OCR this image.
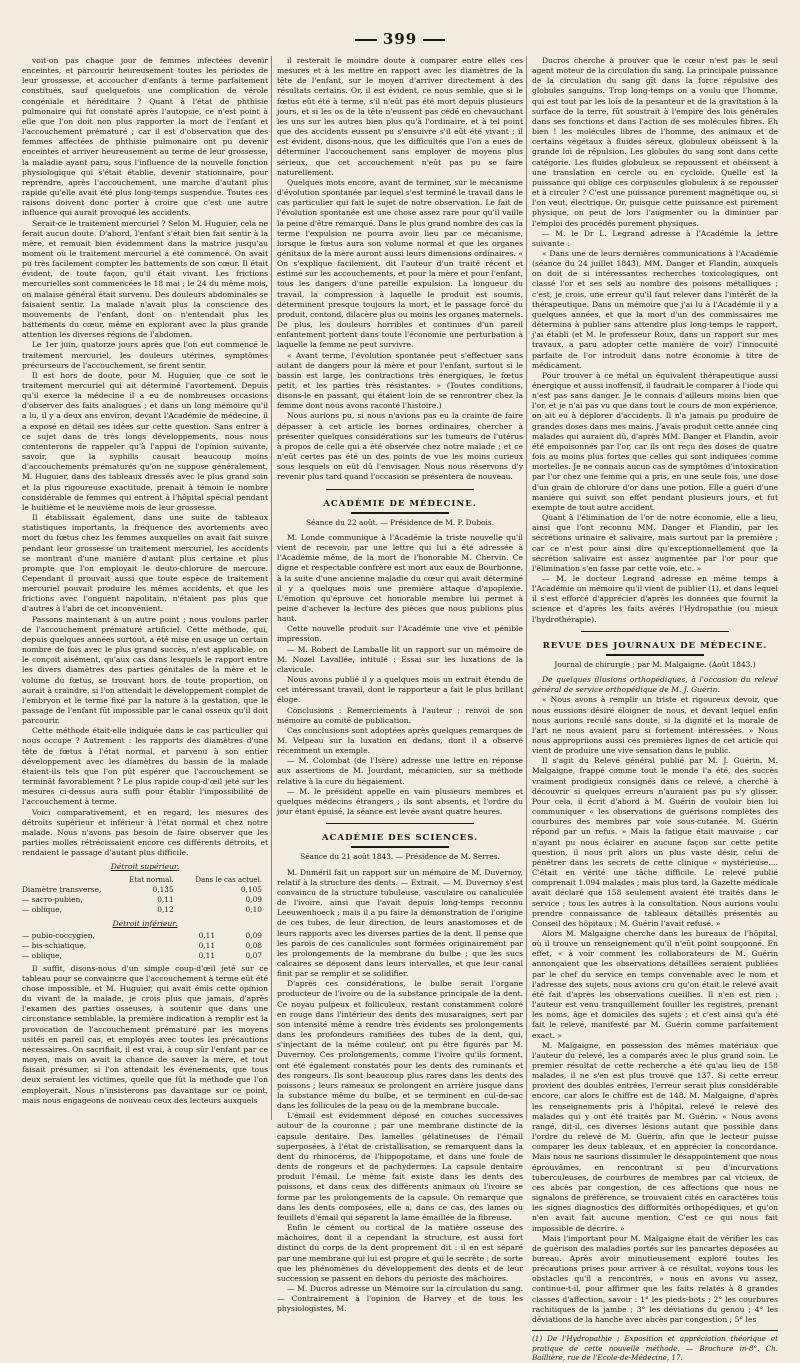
399

voit-on pas chaque jour de femmes infectées devenir enceintes, et parcourir heureusement toutes les périodes de leur grossesse, et accoucher d'enfants à terme parfaitement constitués, sauf quelquefois une complication de vérole congéniale et héréditaire ? Quant à l'état de phthisie pulmonaire qui fut constaté après l'autopsie, ce n'est point à elle que l'on doit non plus rapporter la mort de l'enfant et l'accouchement prématuré ; car il est d'observation que des femmes affectées de phthisie pulmonaire ont pu devenir enceintes et arriver heureusement au terme de leur grossesse, la maladie ayant paru, sous l'influence de la nouvelle fonction physiologique qui s'était établie, devenir stationnaire, pour reprendre, après l'accouchement, une marche d'autant plus rapide qu'elle avait été plus long-temps suspendue. Toutes ces raisons doivent donc porter à croire que c'est une autre influence qui aurait provoqué les accidents.

Serait-ce le traitement mercuriel ? Selon M. Huguier, cela ne ferait aucun doute. D'abord, l'enfant s'était bien fait sentir à la mère, et remuait bien évidemment dans la matrice jusqu'au moment où le traitement mercuriel a été commencé. On avait pu très facilement compter les battements de son cœur. Il était évident, de toute façon, qu'il était vivant. Les frictions mercurielles sont commencées le 18 mai ; le 24 du même mois, on malaise général était survenu. Des douleurs abdominales se faisaient sentir. La malade n'avait plus la conscience des mouvements de l'enfant, dont on n'entendait plus les battements du cœur, même en explorant avec la plus grande attention les diverses régions de l'abdomen.

Le 1er juin, quatorze jours après que l'on eut commencé le traitement mercuriel, les douleurs utérines, symptômes précurseurs de l'accouchement, se firent sentir.

Il est hors de doute, pour M. Huguier, que ce soit le traitement mercuriel qui ait déterminé l'avortement. Depuis qu'il exerce la médecine il a eu de nombreuses occasions d'observer des faits analogues ; et dans un long mémoire qu'il a lu, il y a deux ans environ, devant l'Académie de médecine, il a exposé en détail ses idées sur cette question. Sans entrer à ce sujet dans de très longs développements, nous nous contenterons de rappeler qu'à l'appui de l'opinion suivante, savoir, que la syphilis causait beaucoup moins d'accouchements prématurés qu'on ne suppose généralement, M. Huguier, dans des tableaux dressés avec le plus grand soin et la plus rigoureuse exactitude, prenait à témoin le nombre considérable de femmes qui entrent à l'hôpital spécial pendant le huitième et le neuvième mois de leur grossesse.

Il établissait également, dans une suite de tableaux statistiques importants, la fréquence des avortements avec mort du fœtus chez les femmes auxquelles on avait fait suivre pendant leur grossesse un traitement mercuriel, les accidents se montrant d'une manière d'autant plus certaine et plus prompte que l'on employait le deuto-chlorure de mercure. Cependant il prouvait aussi que toute espèce de traitement mercuriel pouvait produire les mêmes accidents, et que les frictions avec l'onguent napolitain, n'étaient pas plus que d'autres à l'abri de cet inconvénient.

Passons maintenant à un autre point ; nous voulons parler de l'accouchement prématuré artificiel. Cette méthode, qui, depuis quelques années surtout, a été mise en usage un certain nombre de fois avec le plus grand succès, n'est applicable, on le conçoit aisément, qu'aux cas dans lesquels le rapport entre les divers diamètres des parties génitales de la mère et le volume du fœtus, se trouvant hors de toute proportion, on aurait à craindre, si l'on attendait le développement complet de l'embryon et le terme fixé par la nature à la gestation, que le passage de l'enfant fût impossible par le canal osseux qu'il doit parcourir.

Cette méthode était-elle indiquée dans le cas particulier qui nous occupe ? Autrement : les rapports des diamètres d'une tête de fœtus à l'état normal, et parvenu à son entier développement avec les diamètres du bassin de la malade étaient-ils tels que l'on pût espérer que l'accouchement se terminât favorablement ? Le plus rapide coup-d'œil jeté sur les mesures ci-dessus aura suffi pour établir l'impossibilité de l'accouchement à terme.

Voici comparativement, et en regard, les mesures des détroits supérieur et inférieur à l'état normal et chez notre malade. Nous n'avons pas besoin de faire observer que les parties molles rétrécissaient encore ces différents détroits, et rendaient le passage d'autant plus difficile.

Détroit supérieur.
	Etat normal.	Dans le cas actuel.
Diamètre transverse,	0,135	0,105
— sacro-pubien,	0,11	0,09
— oblique,	0,12	0,10
Détroit inférieur.
— pubio-coccygien,	0,11	0,09
— bis-schiatique,	0,11	0,08
— oblique,	0,11	0,07

Il suffit, disons-nous d'un simple coup-d'œil jeté sur ce tableau pour se convaincre que l'accouchement à terme eût été chose impossible, et M. Huguier, qui avait émis cette opinion du vivant de la malade, je crois plus que jamais, d'après l'examen des parties osseuses, à soutenir que dans une circonstance semblable, la première indication à remplir est la provocation de l'accouchement prématuré par les moyens usités en pareil cas, et employés avec toutes les précautions nécessaires. On sacrifiait, il est vrai, à coup sûr l'enfant par ce moyen, mais on avait la chance de sauver la mère, et tout faisait présumer, si l'on attendait les événements, que tous deux seraient les victimes, quelle que fût la méthode que l'on employerait. Nous n'insisterons pas davantage sur ce point, mais nous engageons de nouveau ceux des lecteurs auxquels

il resterait le moindre doute à comparer entre elles ces mesures et à les mettre en rapport avec les diamètres de la tête de l'enfant, sur le moyen d'arriver directement à des résultats certains. Or, il est évident, ce nous semble, que si le fœtus eût été à terme, s'il n'eût pas été mort depuis plusieurs jours, et si les os de la tête n'eussent pas cédé en chevauchant les uns sur les autres bien plus qu'à l'ordinaire, et à tel point que des accidents eussent pu s'ensuivre s'il eût été vivant ; il est évident, disons-nous, que les difficultés que l'on a eues de déterminer l'accouchement sans employer de moyens plus sérieux, que cet accouchement n'eût pas pu se faire naturellement.

Quelques mots encore, avant de terminer, sur le mécanisme d'évolution spontanée par lequel s'est terminé le travail dans le cas particulier qui fait le sujet de notre observation. Le fait de l'évolution spontanée est une chose assez rare pour qu'il vaille la peine d'être remarqué. Dans le plus grand nombre des cas la terme l'expulsion ne pourra avoir lieu par ce mécanisme, lorsque le fœtus aura son volume normal et que les organes génitaux de la mère auront aussi leurs dimensions ordinaires. « On s'explique facilement, dit l'auteur d'un traité récent et estimé sur les accouchements, et pour la mère et pour l'enfant, tous les dangers d'une pareille expulsion. La longueur du travail, la compression à laquelle le produit est soumis, déterminent presque toujours la mort, et le passage forcé du produit, contond, dilacère plus ou moins les organes maternels. De plus, les douleurs horribles et continues d'un pareil enfantement portent dans toute l'économie une perturbation à laquelle la femme ne peut survivre.

« Avant terme, l'évolution spontanée peut s'effectuer sans autant de dangers pour la mère et pour l'enfant, surtout si le bassin est large, les contractions très énergiques, le fœtus petit, et les parties très résistantes. » (Toutes conditions, disons-le en passant, qui étaient loin de se rencontrer chez la femme dont nous avons raconté l'histoire.)

Nous aurions pu, si nous n'avions pas eu la crainte de faire dépasser à cet article les bornes ordinaires, chercher à présenter quelques considérations sur les tumeurs de l'utérus à propos de celle qui a été observée chez notre malade ; et ce n'eût certes pas été un des points de vue les moins curieux sous lesquels on eût dû l'envisager. Nous nous réservons d'y revenir plus tard quand l'occasion se présentera de nouveau.

ACADÉMIE DE MÉDECINE.
Séance du 22 août. — Présidence de M. P. Dubois.

M. Londe communique à l'Académie la triste nouvelle qu'il vient de recevoir, par une lettre qui lui a été adressée à l'Académie même, de la mort de l'honorable M. Chervin. Ce digne et respectable confrère est mort aux eaux de Bourbonne, à la suite d'une ancienne maladie du cœur qui avait déterminé il y a quelques mois une première attaque d'apoplexie. L'émotion qu'éprouve cet honorable membre lui permet à peine d'achever la lecture des pièces que nous publions plus haut.

Cette nouvelle produit sur l'Académie une vive et pénible impression.

— M. Robert de Lamballe lit un rapport sur un mémoire de M. Nozel Lavallée, intitulé : Essai sur les luxations de la clavicule.

Nous avons publié il y a quelques mois un extrait étendu de cet intéressant travail, dont le rapporteur a fait le plus brillant éloge.

Conclusions : Remerciements à l'auteur ; renvoi de son mémoire au comité de publication.

Ces conclusions sont adoptées après quelques remarques de M. Velpeau sur la luxation en dedans, dont il a observé récemment un exemple.

— M. Colombat (de l'Isère) adresse une lettre en réponse aux assertions de M. Jourdant, mécanicien, sur sa méthode relative à la cure du bégaiement.

— M. le président appelle en vain plusieurs membres et quelques médecins étrangers ; ils sont absents, et l'ordre du jour étant épuisé, la séance est levée avant quatre heures.

ACADÉMIE DES SCIENCES.
Séance du 21 août 1843. — Présidence de M. Serres.

M. Duméril fait un rapport sur un mémoire de M. Duvernoy, relatif à la structure des dents. — Extrait. — M. Duvernoy s'est convaincu de la structure tubuleuse, vasculaire ou canaliculée de l'ivoire, ainsi que l'avait depuis long-temps reconnu Leeuwenhoeck ; mais il a pu faire la démonstration de l'origine de ces tubes, de leur direction, de leurs anastomoses et de leurs rapports avec les diverses parties de la dent. Il pense que les parois de ces canalicules sont formées originairement par les prolongements de la membrane du bulbe ; que les sucs calcaires se déposent dans leurs intervalles, et que leur canal finit par se remplir et se solidifier.

D'après ces considérations, le bulbe serait l'organe producteur de l'ivoire ou de la substance principale de la dent. Ce noyau pulpeux et folliculeux, restant constamment coloré en rouge dans l'intérieur des dents des musaraignes, sert par son intensité même à rendre très évidents ses prolongements dans les profondeurs ramifiées des tubes de la dent, qui, s'injectant de la même couleur, ont pu être figurés par M. Duvernoy. Ces prolongements, comme l'ivoire qu'ils forment, ont été également constatés pour les dents des ruminants et des rongeurs. Ils sont beaucoup plus rares dans les dents des poissons ; leurs rameaux se prolongent en arrière jusque dans la substance même du bulbe, et se terminent en cul-de-sac dans les follicules de la peau ou de la membrane buccale.

L'émail est évidemment déposé en couches successives autour de la couronne ; par une membrane distincte de la capsule dentaire. Des lamelles gélatineuses de l'émail superposées, à l'état de cristallisation, se remarquent dans la dent du rhinocéros, de l'hippopotame, et dans une foule de dents de rongeurs et de pachydermes. La capsule dentaire produit l'émail. Le même fait existe dans les dents des poissons, et dans ceux des différents animaux où l'ivoire se forme par les prolongements de la capsule. On remarque que dans les dents composées, elle a, dans ce cas, des lames ou feuillets d'émail qui séparent la lame émaillée de la fibreuse.

Enfin le cément ou cortical de la matière osseuse des mâchoires, dont il a cependant la structure, est aussi fort distinct du corps de la dent proprement dit : il en est séparé par une membrane qui lui est propre et qui le secrète ; de sorte que les phénomènes du développement des dents et de leur succession se passent en dehors du périoste des mâchoires.

— M. Ducros adresse un Mémoire sur la circulation du sang. — Contrairement à l'opinion de Harvey et de tous les physiologistes, M.

Ducros cherche à prouver que le cœur n'est pas le seul agent moteur de la circulation du sang. La principale puissance de la circulation du sang gît dans la force répulsive des globules sanguins. Trop long-temps on a voulu que l'homme, qui est tout par les lois de la pesanteur et de la gravitation à la surface de la terre, fût soustrait à l'empire des lois générales dans ses fonctions et dans l'action de ses molécules fibres. Eh bien ! les molécules libres de l'homme, des animaux et de certains végétaux à fluides séreux, globuleux obéissent à la grande loi de répulsion. Les globules du sang sont dans cette catégorie. Les fluides globuleux se repoussent et obéissent à une translation en cercle ou en cycloïde. Quelle est la puissance qui oblige ces corpuscules globuleux à se repousser et à circuler ? C'est une puissance purement magnétique ou, si l'on veut, électrique. Or, puisque cette puissance est purement physique, on peut de lors l'augmenter ou la diminuer par l'emploi des procédés purement physiques.

— M. le Dr L. Legrand adresse à l'Académie la lettre suivante :

« Dans une de leurs dernières communications à l'Académie (séance du 24 juillet 1843), MM. Danger et Flandin, auxquels on doit de si intéressantes recherches toxicologiques, ont classé l'or et ses sels au nombre des poisons métalliques ; c'est, je crois, une erreur qu'il faut relever dans l'intérêt de la thérapeutique. Dans un mémoire que j'ai lu à l'Académie il y a quelques années, et que la mort d'un des commissaires me détermina à publier sans attendre plus long-temps le rapport, j'ai établi (et M. le professeur Roux, dans un rapport sur mes travaux, a paru adopter cette manière de voir) l'innocuité parfaite de l'or introduit dans notre économie à titre de médicament.

Pour trouver à ce métal un équivalent thérapeutique aussi énergique et aussi inoffensif, il faudrait le comparer à l'iode qui n'est pas sans danger. Je le connais d'ailleurs moins bien que l'or, et je n'ai pas vu que dans tout le cours de mon expérience, on ait eu à déplorer d'accidents. Il n'a jamais pu produire de grandes doses dans mes mains. J'avais produit cette année cinq malades qui auraient dû, d'après MM. Danger et Flandin, avoir été empoisonnés par l'or, car ils ont reçu des doses de quatre fois au moins plus fortes que celles qui sont indiquées comme mortelles. Je ne connais aucun cas de symptômes d'intoxication par l'or chez une femme qui a pris, en une seule fois, une dose d'un grain de chlorure d'or dans une potion. Elle a guéri d'une manière qui suivit son effet pendant plusieurs jours, et fut exempte de tout autre accident.

Quant à l'élimination de l'or de notre économie, elle a lieu, ainsi que l'ont reconnu MM. Danger et Flandin, par les sécrétions urinaire et salivaire, mais surtout par la première ; car ce n'est pour ainsi dire qu'exceptionnellement que la sécrétion salivaire est assez augmentée par l'or pour que l'élimination s'en fasse par cette voie, etc. »

— M. le docteur Legrand adresse en même temps à l'Académie un mémoire qu'il vient de publier (1), et dans lequel il s'est efforcé d'apprécier d'après les données que fournit la science et d'après les faits avérés l'Hydropathie (ou mieux l'hydrothérapie).

REVUE DES JOURNAUX DE MÉDECINE.
Journal de chirurgie ; par M. Malgaigne. (Août 1843.)

De quelques illusions orthopédiques, à l'occasion du relevé général de service orthopédique de M. J. Guérin.

« Nous avons à remplir un triste et rigoureux devoir, que nous eussions désiré éloigner de nous, et devant lequel enfin nous aurions reculé sans doute, si la dignité et la morale de l'art ne nous avaient paru si fortement intéressées. » Nous nous appropriions aussi ces premières lignes de cet article qui vient de produire une vive sensation dans le public.

Il s'agit du Relevé général publié par M. J. Guérin. M. Malgaigne, frappé comme tout le monde l'a été, des succès vraiment prodigieux consignés dans ce relevé, a cherché à découvrir si quelques erreurs n'auraient pas pu s'y glisser. Pour cela, il écrit d'abord à M. Guérin de vouloir bien lui communiquer « les observations de guérisons complètes des courbures des membres par voie sous-cutanée. M. Guérin répond par un refus. » Mais la fatigue était mauvaise ; car n'ayant pu nous éclairer en aucune façon sur cette petite question, il nous prit alors un plus vaste désir, celui de pénétrer dans les secrets de cette clinique « mystérieuse.... C'était en vérité une tâche difficile. Le relevé publié comprenait 1.094 malades ; mais plus tard, la Gazette médicale avait déclaré que 158 seulement avaient été traités dans le service ; tous les autres à la consultation. Nous aurions voulu prendre connaissance de tableaux détaillés présentés au Conseil des hôpitaux ; M. Guérin l'avait refusé. »

Alors M. Malgaigne cherche dans les bureaux de l'hôpital, où il trouve un renseignement qu'il n'eût point soupçonné. En effet, « à voir comment les collaborateurs de M. Guérin annonçaient que les observations détaillées seraient publiées par le chef du service en temps convenable avec le nom et l'adresse des sujets, nous avions cru qu'on était le relevé avait été fait d'après les observations cueillies. Il n'en est rien ; l'auteur est venu tranquillement fouiller les registres, prenant les noms, âge et domiciles des sujets ; et c'est ainsi qu'a été fait le relevé, manifesté par M. Guérin comme parfaitement exact. »

M. Malgaigne, en possession des mêmes matériaux que l'auteur du relevé, les a comparés avec le plus grand soin. Le premier résultat de cette recherche a été qu'au lieu de 158 malades, il ne s'en est plus trouvé que 137. Si cette erreur provient des doubles entrées, l'erreur serait plus considérable encore, car alors le chiffre est de 148. M. Malgaigne, d'après les renseignements pris à l'hôpital, relevé le relevé des malades qui y ont été traités par M. Guérin. « Nous avons rangé, dit-il, ces diverses lésions autant que possible dans l'ordre du relevé de M. Guérin, afin que le lecteur puisse comparer les deux tableaux, et en apprécier la concordance. Mais nous ne saurions dissimuler le désappointement que nous éprouvâmes, en rencontrant si peu d'incurvations tuberculeuses, de courbures de membres par cal vicieux, de ces abcès par congestion, de ces affections que nous ne signalons de préférence, se trouvaient cités en caractères tous les signes diagnostics des difformités orthopédiques, et qu'on n'en avait fait aucune mention. C'est ce qui nous fait impossible de décrire. »

Mais l'important pour M. Malgaigne était de vérifier les cas de guérison des maladies portés sur les pancartes déposées au bureau. Après avoir minutieusement exploré toutes les précautions prises pour arriver à ce résultat, voyons tous les obstacles qu'il a rencontrés, » nous en avons vu assez, continue-t-il, pour affirmer que les faits relatés à 8 grandes classes d'affection, savoir : 1° les pieds-bots ; 2° les courbures rachitiques de la jambe ; 3° les déviations du genou ; 4° les déviations de la hanche avec abcès par congestion ; 5° les

(1) De l'Hydropathie ; Exposition et appréciation théorique et pratique de cette nouvelle méthode. — Brochure in-8°. Ch. Baillière, rue de l'Ecole-de-Médecine, 17.
